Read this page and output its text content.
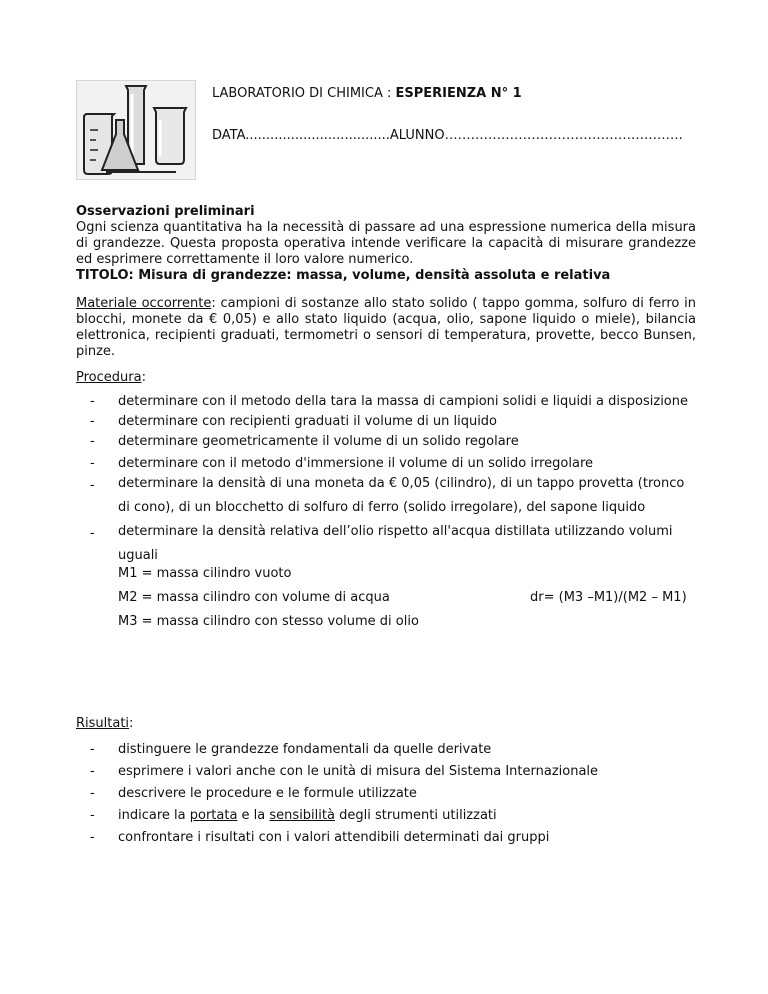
LABORATORIO DI CHIMICA : ESPERIENZA N° 1
DATA...................................ALUNNO……………………………………………….
Osservazioni preliminari
Ogni scienza quantitativa ha la necessità di passare ad una espressione numerica della misura di grandezze. Questa proposta operativa intende verificare la capacità di misurare grandezze ed esprimere correttamente il loro valore numerico.
TITOLO: Misura di grandezze: massa, volume, densità assoluta e relativa
Materiale occorrente: campioni di sostanze allo stato solido ( tappo gomma, solfuro di ferro in blocchi, monete da € 0,05) e allo stato liquido (acqua, olio, sapone liquido o miele), bilancia elettronica, recipienti graduati, termometri o sensori di temperatura, provette, becco Bunsen, pinze.
Procedura:
- determinare con il metodo della tara la massa di campioni solidi e liquidi a disposizione
- determinare con recipienti graduati il volume di un liquido
- determinare geometricamente il volume di un solido regolare
- determinare con il metodo d'immersione il volume di un solido irregolare
- determinare la densità di una moneta da € 0,05 (cilindro), di un tappo provetta (tronco di cono), di un blocchetto di solfuro di ferro (solido irregolare), del sapone liquido
- determinare la densità relativa dell’olio rispetto all'acqua distillata utilizzando volumi uguali
M1 = massa cilindro vuoto
M2 = massa cilindro con volume di acqua	dr= (M3 –M1)/(M2 – M1)
M3 = massa cilindro con stesso volume di olio
Risultati:
- distinguere le grandezze fondamentali da quelle derivate
- esprimere i valori anche con le unità di misura del Sistema Internazionale
- descrivere le procedure e le formule utilizzate
- indicare la portata e la sensibilità degli strumenti utilizzati
- confrontare i risultati con i valori attendibili determinati dai gruppi
